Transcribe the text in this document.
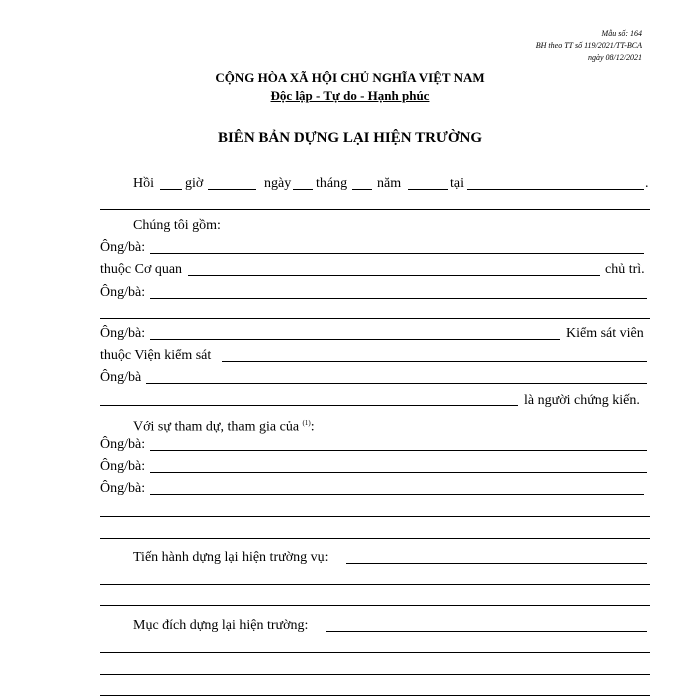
Mẫu số: 164
BH theo TT số 119/2021/TT-BCA
ngày 08/12/2021
CỘNG HÒA XÃ HỘI CHỦ NGHĨA VIỆT NAM
Độc lập - Tự do - Hạnh phúc
BIÊN BẢN DỰNG LẠI HIỆN TRƯỜNG
Hồi giờ	ngày tháng năm	tại	.
Chúng tôi gồm:
Ông/bà:
thuộc Cơ quan	chủ trì.
Ông/bà:
Ông/bà:	Kiểm sát viên
thuộc Viện kiểm sát
Ông/bà
là người chứng kiến.
Với sự tham dự, tham gia của $^{(1)}$:
Ông/bà:
Ông/bà:
Ông/bà:
Tiến hành dựng lại hiện trường vụ:
Mục đích dựng lại hiện trường:
